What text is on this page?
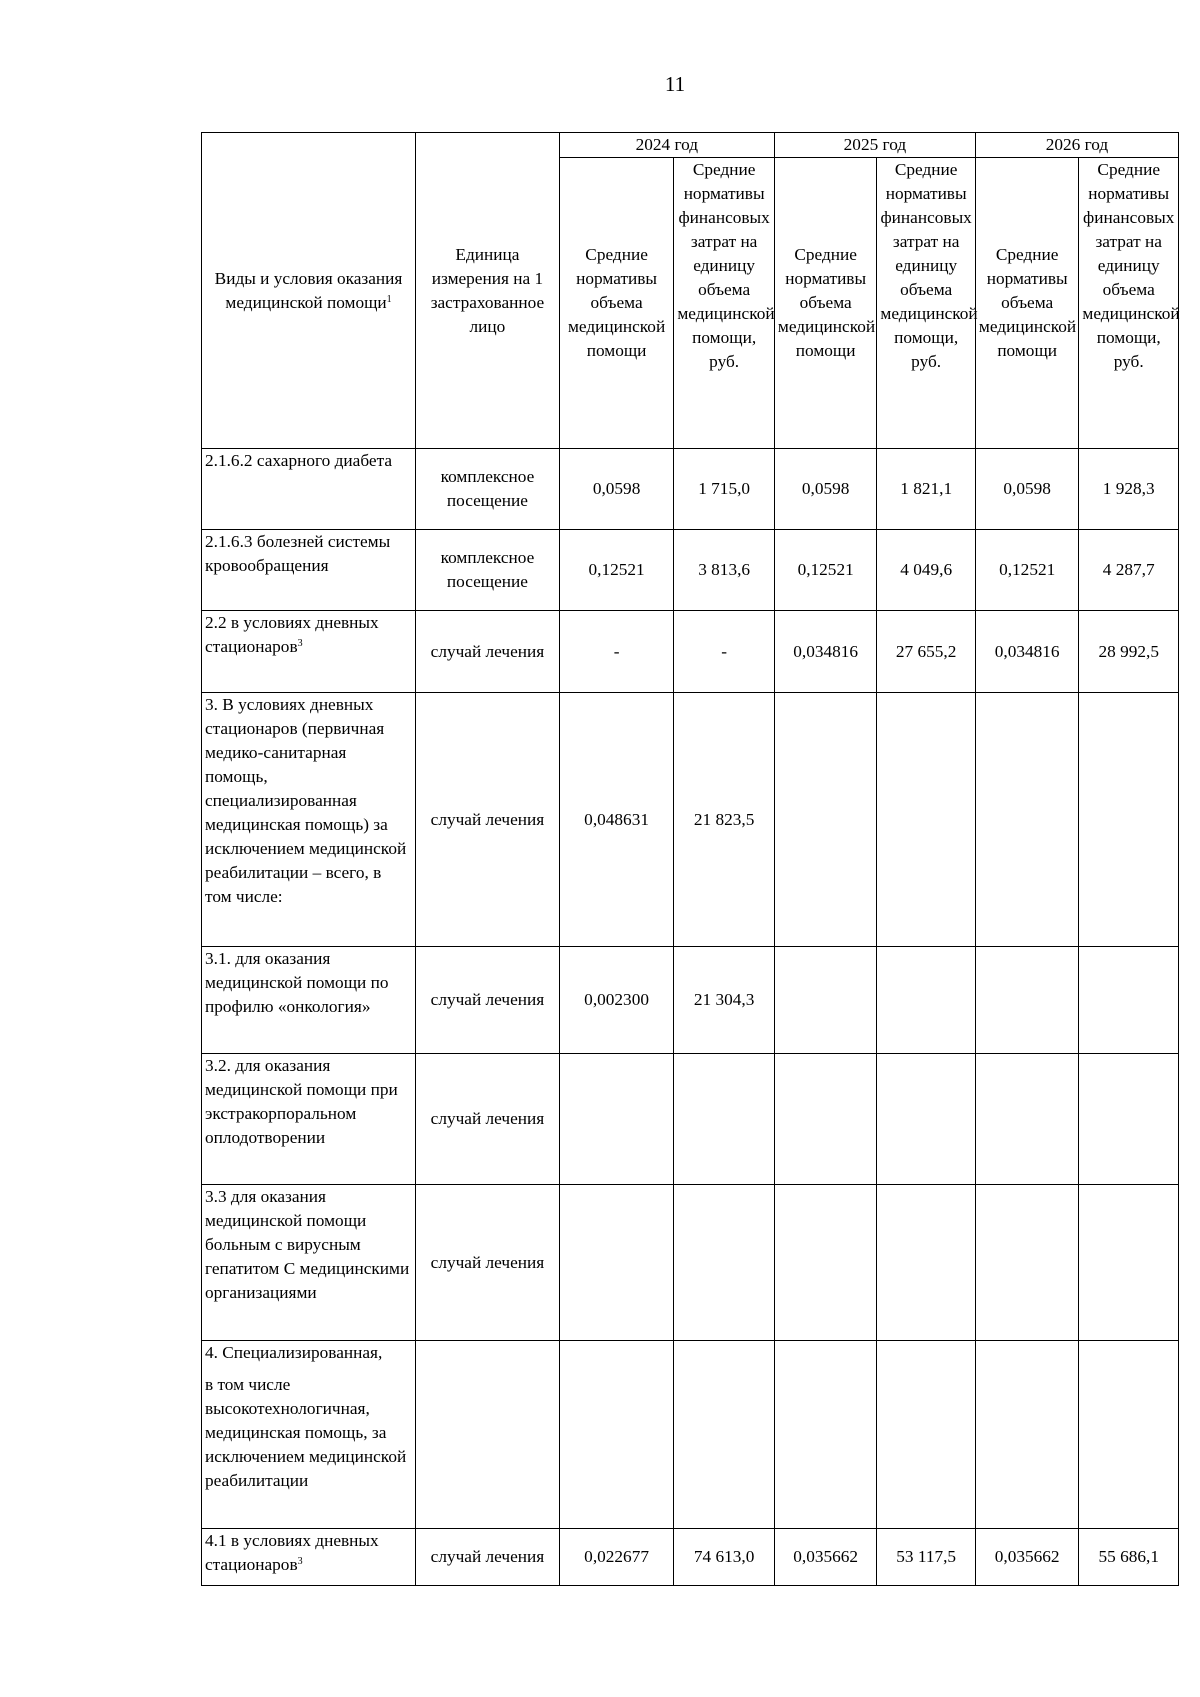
11
Виды и условия оказания медицинской помощи$^1$	Единица измерения на 1 застрахованное лицо	2024 год		2025 год		2026 год	
		Средние нормативы объема медицинской помощи	Средние нормативы финансовых затрат на единицу объема медицинской помощи, руб.	Средние нормативы объема медицинской помощи	Средние нормативы финансовых затрат на единицу объема медицинской помощи, руб.	Средние нормативы объема медицинской помощи	Средние нормативы финансовых затрат на единицу объема медицинской помощи, руб.
2.1.6.2 сахарного диабета	комплексное посещение	0,0598	1 715,0	0,0598	1 821,1	0,0598	1 928,3
2.1.6.3 болезней системы кровообращения	комплексное посещение	0,12521	3 813,6	0,12521	4 049,6	0,12521	4 287,7
2.2 в условиях дневных стационаров$^3$	случай лечения	-	-	0,034816	27 655,2	0,034816	28 992,5
3. В условиях дневных стационаров (первичная медико-санитарная помощь, специализированная медицинская помощь) за исключением медицинской реабилитации – всего, в том числе:	случай лечения	0,048631	21 823,5				
3.1. для оказания медицинской помощи по профилю «онкология»	случай лечения	0,002300	21 304,3				
3.2. для оказания медицинской помощи при экстракорпоральном оплодотворении	случай лечения						
3.3 для оказания медицинской помощи больным с вирусным гепатитом С медицинскими организациями	случай лечения						
4. Специализированная,
в том числе высокотехнологичная, медицинская помощь, за исключением медицинской реабилитации							
4.1 в условиях дневных стационаров$^3$	случай лечения	0,022677	74 613,0	0,035662	53 117,5	0,035662	55 686,1
